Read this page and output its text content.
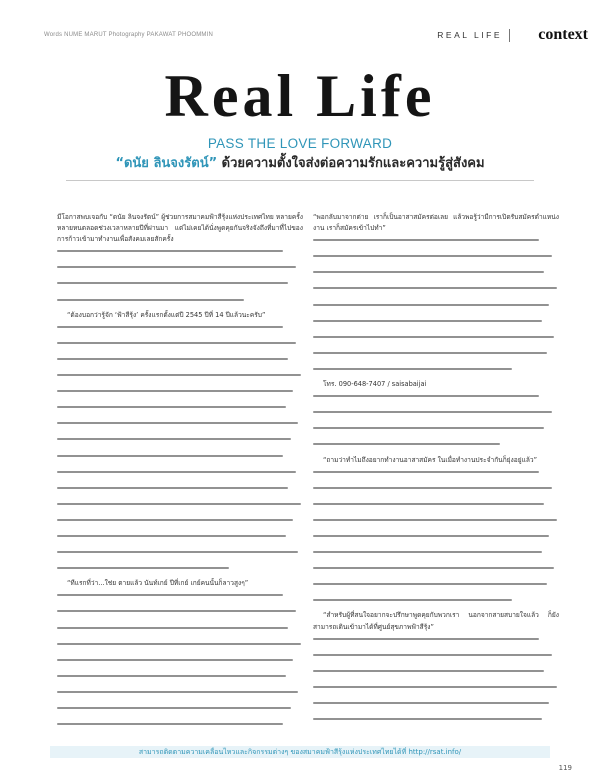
Words NUME MARUT Photography PAKAWAT PHOOMMIN	REAL LIFE context
Real Life
PASS THE LOVE FORWARD
“ดนัย ลินจงรัตน์” ด้วยความตั้งใจส่งต่อความรักและความรู้สู่สังคม

มีโอกาสพบเจอกับ “ดนัย ลินจงรัตน์” ผู้ช่วยการสมาคมฟ้าสีรุ้งแห่งประเทศไทย หลายครั้งหลายหนตลอดช่วงเวลาหลายปีที่ผ่านมา แต่ไม่เคยได้นั่งพูดคุยกันจริงจังถึงที่มาที่ไปของการก้าวเข้ามาทำงานเพื่อสังคมเลยสักครั้ง

“ต้องบอกว่ารู้จัก ‘ฟ้าสีรุ้ง’ ครั้งแรกตั้งแต่ปี 2545 ปีที่ 14 ปีแล้วนะครับ”

“ทีแรกที่ว่า...ใช่ย ตายแล้ว นันท์เกย์ ปีที่เกย์ เกย์คนนั้นก็ลาวสูงๆ”

“พอกลับมาจากต่าย เราก็เป็นอาสาสมัครต่อเลย แล้วพอรู้ว่ามีการเปิดรับสมัครตำแหน่งงาน เราก็สมัครเข้าไปทำ”

โทร. 090-648-7407 / saisabaijai

“ถามว่าทำไมถึงอยากทำงานอาสาสมัคร ในเมื่อทำงานประจำกันก็ยุ่งอยู่แล้ว”

“สำหรับผู้ที่สนใจอยากจะปรึกษาพูดคุยกับพวกเรา นอกจากสายสบายใจแล้ว ก็ยังสามารถเดินเข้ามาได้ที่ศูนย์สุขภาพฟ้าสีรุ้ง”

สามารถติดตามความเคลื่อนไหวและกิจกรรมต่างๆ ของสมาคมฟ้าสีรุ้งแห่งประเทศไทยได้ที่ http://rsat.info/
119
